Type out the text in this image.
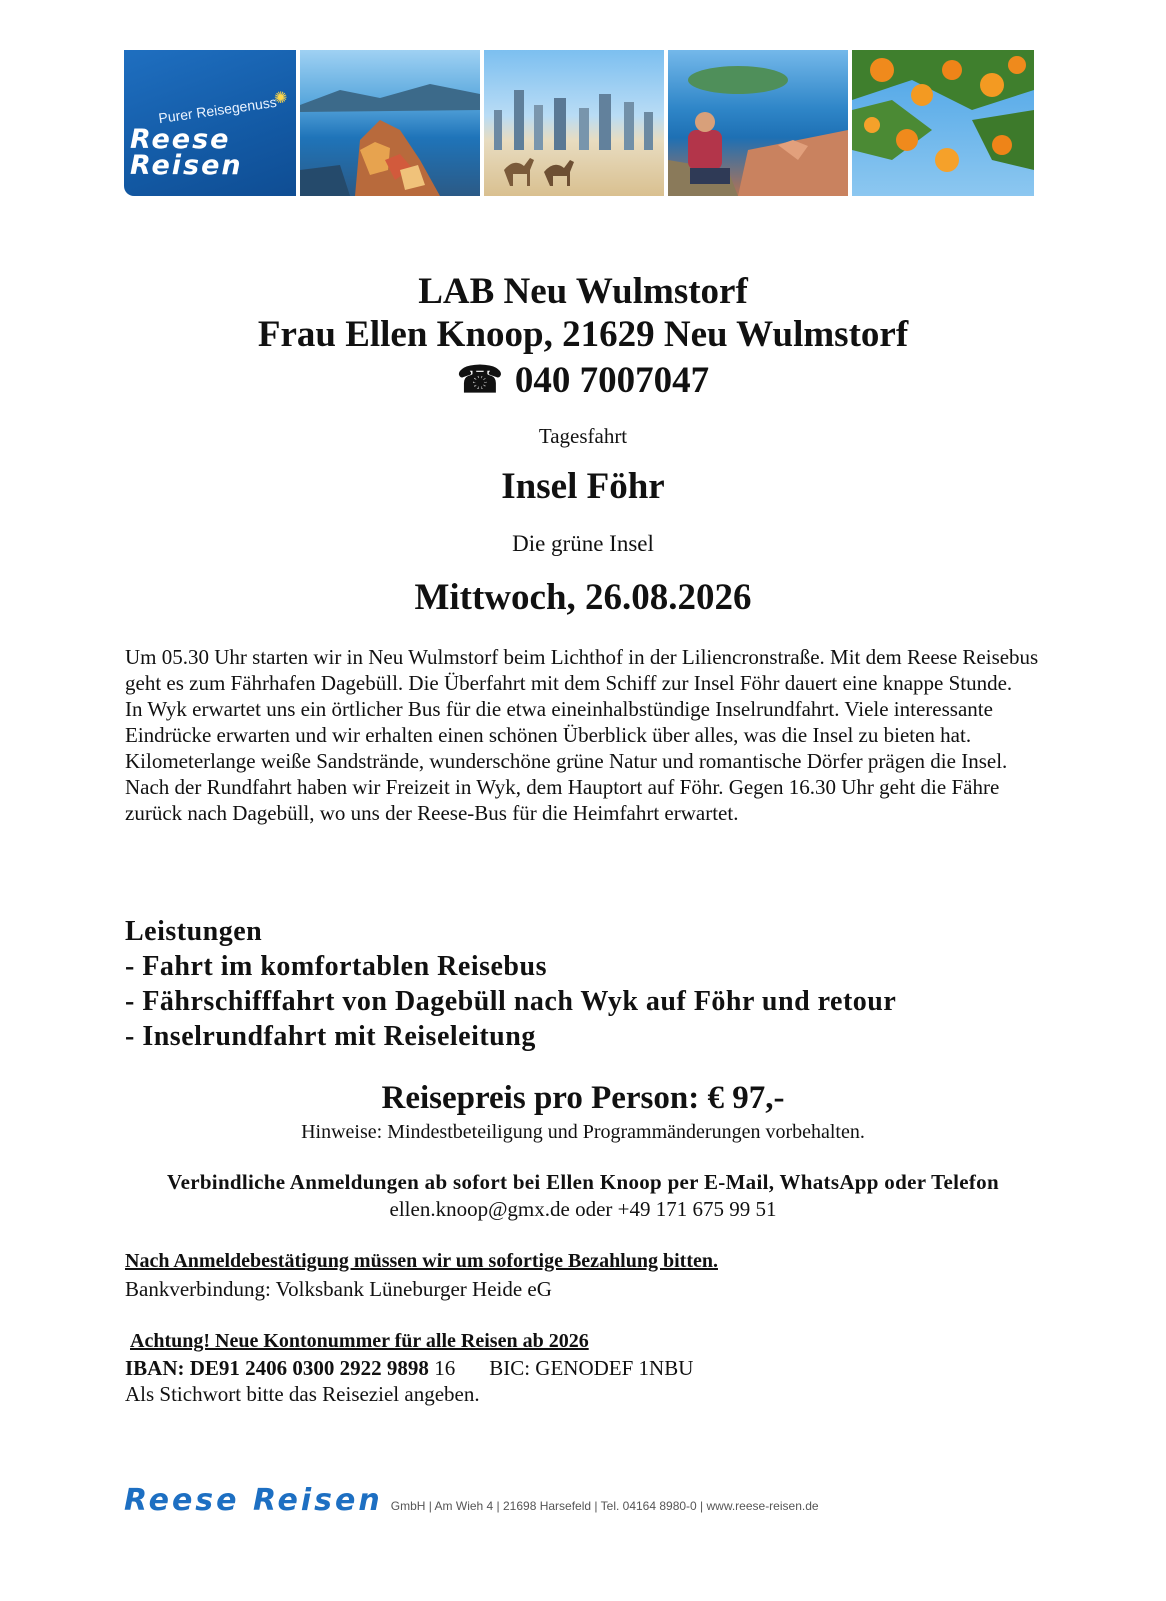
Purer Reisegenuss
✺
Reese
Reisen
LAB Neu Wulmstorf
Frau Ellen Knoop, 21629 Neu Wulmstorf
☎ 040 7007047
Tagesfahrt
Insel Föhr
Die grüne Insel
Mittwoch, 26.08.2026

Um 05.30 Uhr starten wir in Neu Wulmstorf beim Lichthof in der Liliencronstraße. Mit dem Reese Reisebus geht es zum Fährhafen Dagebüll. Die Überfahrt mit dem Schiff zur Insel Föhr dauert eine knappe Stunde.

In Wyk erwartet uns ein örtlicher Bus für die etwa eineinhalbstündige Inselrundfahrt. Viele interessante Eindrücke erwarten und wir erhalten einen schönen Überblick über alles, was die Insel zu bieten hat. Kilometerlange weiße Sandstrände, wunderschöne grüne Natur und romantische Dörfer prägen die Insel.

Nach der Rundfahrt haben wir Freizeit in Wyk, dem Hauptort auf Föhr. Gegen 16.30 Uhr geht die Fähre zurück nach Dagebüll, wo uns der Reese-Bus für die Heimfahrt erwartet.

Leistungen
- Fahrt im komfortablen Reisebus
- Fährschifffahrt von Dagebüll nach Wyk auf Föhr und retour
- Inselrundfahrt mit Reiseleitung
Reisepreis pro Person: € 97,-
Hinweise: Mindestbeteiligung und Programmänderungen vorbehalten.
Verbindliche Anmeldungen ab sofort bei Ellen Knoop per E-Mail, WhatsApp oder Telefon
ellen.knoop@gmx.de oder +49 171 675 99 51
Nach Anmeldebestätigung müssen wir um sofortige Bezahlung bitten.
Bankverbindung: Volksbank Lüneburger Heide eG
Achtung! Neue Kontonummer für alle Reisen ab 2026
IBAN: DE91 2406 0300 2922 9898 16 BIC: GENODEF 1NBU
Als Stichwort bitte das Reiseziel angeben.
Reese Reisen GmbH | Am Wieh 4 | 21698 Harsefeld | Tel. 04164 8980-0 | www.reese-reisen.de
